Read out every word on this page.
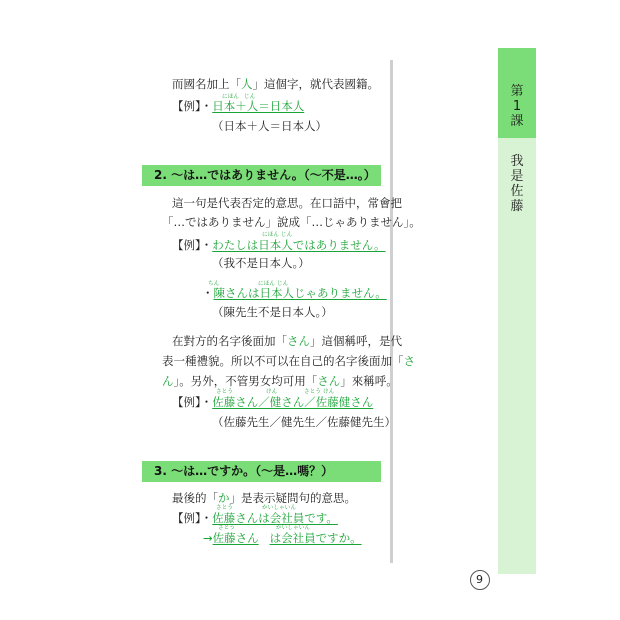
而國名加上「人」這個字，就代表國籍。
にほん じん
【例】・日本＋人＝日本人
（日本＋人＝日本人）
2. ～は…ではありません。（～不是…。）
這一句是代表否定的意思。在口語中，常會把
「…ではありません」說成「…じゃありません」。
にほん じん
【例】・わたしは日本人ではありません。
（我不是日本人。）
ちん	にほん じん
・陳さんは日本人じゃありません。
（陳先生不是日本人。）
在對方的名字後面加「さん」這個稱呼，是代
表一種禮貌。所以不可以在自己的名字後面加「さ
ん」。另外，不管男女均可用「さん」來稱呼。
さとう	けん	さとう けん
【例】・佐藤さん／健さん／佐藤健さん
（佐藤先生／健先生／佐藤健先生）
3. ～は…ですか。（～是…嗎？）
最後的「か」是表示疑問句的意思。
さとう	かいしゃいん
【例】・佐藤さんは会社員です。
さとう	かいしゃいん
→佐藤さん は会社員ですか。
第
1
課
我
是
佐
藤
9
